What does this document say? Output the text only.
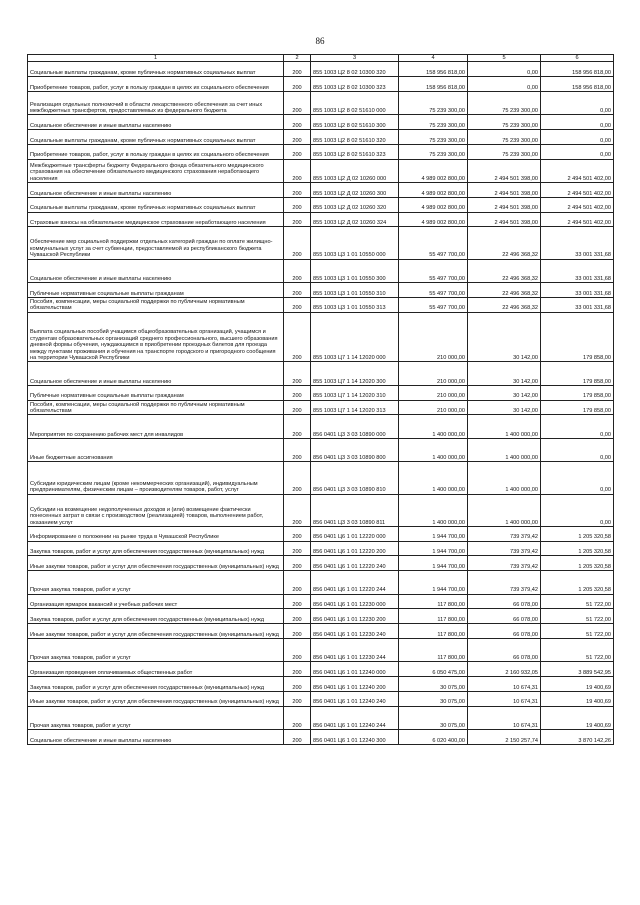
86
1	2	3	4	5	6
Социальные выплаты гражданам, кроме публичных нормативных социальных выплат	200	855 1003 Ц2 8 02 10300 320	158 956 818,00	0,00	158 956 818,00
Приобретение товаров, работ, услуг в пользу граждан в целях их социального обеспечения	200	855 1003 Ц2 8 02 10300 323	158 956 818,00	0,00	158 956 818,00
Реализация отдельных полномочий в области лекарственного обеспечения за счет иных межбюджетных трансфертов, предоставляемых из федерального бюджета	200	855 1003 Ц2 8 02 51610 000	75 239 300,00	75 239 300,00	0,00
Социальное обеспечение и иные выплаты населению	200	855 1003 Ц2 8 02 51610 300	75 239 300,00	75 239 300,00	0,00
Социальные выплаты гражданам, кроме публичных нормативных социальных выплат	200	855 1003 Ц2 8 02 51610 320	75 239 300,00	75 239 300,00	0,00
Приобретение товаров, работ, услуг в пользу граждан в целях их социального обеспечения	200	855 1003 Ц2 8 02 51610 323	75 239 300,00	75 239 300,00	0,00
Межбюджетные трансферты бюджету Федерального фонда обязательного медицинского страхования на обеспечение обязательного медицинского страхования неработающего населения	200	855 1003 Ц2 Д 02 10260 000	4 989 002 800,00	2 494 501 398,00	2 494 501 402,00
Социальное обеспечение и иные выплаты населению	200	855 1003 Ц2 Д 02 10260 300	4 989 002 800,00	2 494 501 398,00	2 494 501 402,00
Социальные выплаты гражданам, кроме публичных нормативных социальных выплат	200	855 1003 Ц2 Д 02 10260 320	4 989 002 800,00	2 494 501 398,00	2 494 501 402,00
Страховые взносы на обязательное медицинское страхование неработающего населения	200	855 1003 Ц2 Д 02 10260 324	4 989 002 800,00	2 494 501 398,00	2 494 501 402,00
Обеспечение мер социальной поддержки отдельных категорий граждан по оплате жилищно-коммунальных услуг за счет субвенции, предоставляемой из республиканского бюджета Чувашской Республики	200	855 1003 Ц3 1 01 10550 000	55 497 700,00	22 496 368,32	33 001 331,68
Социальное обеспечение и иные выплаты населению	200	855 1003 Ц3 1 01 10550 300	55 497 700,00	22 496 368,32	33 001 331,68
Публичные нормативные социальные выплаты гражданам	200	855 1003 Ц3 1 01 10550 310	55 497 700,00	22 496 368,32	33 001 331,68
Пособия, компенсации, меры социальной поддержки по публичным нормативным обязательствам	200	855 1003 Ц3 1 01 10550 313	55 497 700,00	22 496 368,32	33 001 331,68
Выплата социальных пособий учащимся общеобразовательных организаций, учащимся и студентам образовательных организаций среднего профессионального, высшего образования дневной формы обучения, нуждающимся в приобретении проездных билетов для проезда между пунктами проживания и обучения на транспорте городского и пригородного сообщения на территории Чувашской Республики	200	855 1003 Ц7 1 14 12020 000	210 000,00	30 142,00	179 858,00
Социальное обеспечение и иные выплаты населению	200	855 1003 Ц7 1 14 12020 300	210 000,00	30 142,00	179 858,00
Публичные нормативные социальные выплаты гражданам	200	855 1003 Ц7 1 14 12020 310	210 000,00	30 142,00	179 858,00
Пособия, компенсации, меры социальной поддержки по публичным нормативным обязательствам	200	855 1003 Ц7 1 14 12020 313	210 000,00	30 142,00	179 858,00
Мероприятия по сохранению рабочих мест для инвалидов	200	856 0401 Ц3 3 03 10890 000	1 400 000,00	1 400 000,00	0,00
Иные бюджетные ассигнования	200	856 0401 Ц3 3 03 10890 800	1 400 000,00	1 400 000,00	0,00
Субсидии юридическим лицам (кроме некоммерческих организаций), индивидуальным предпринимателям, физическим лицам – производителям товаров, работ, услуг	200	856 0401 Ц3 3 03 10890 810	1 400 000,00	1 400 000,00	0,00
Субсидии на возмещение недополученных доходов и (или) возмещение фактически понесенных затрат в связи с производством (реализацией) товаров, выполнением работ, оказанием услуг	200	856 0401 Ц3 3 03 10890 811	1 400 000,00	1 400 000,00	0,00
Информирование о положении на рынке труда в Чувашской Республике	200	856 0401 Ц6 1 01 12220 000	1 944 700,00	739 379,42	1 205 320,58
Закупка товаров, работ и услуг для обеспечения государственных (муниципальных) нужд	200	856 0401 Ц6 1 01 12220 200	1 944 700,00	739 379,42	1 205 320,58
Иные закупки товаров, работ и услуг для обеспечения государственных (муниципальных) нужд	200	856 0401 Ц6 1 01 12220 240	1 944 700,00	739 379,42	1 205 320,58
Прочая закупка товаров, работ и услуг	200	856 0401 Ц6 1 01 12220 244	1 944 700,00	739 379,42	1 205 320,58
Организация ярмарок вакансий и учебных рабочих мест	200	856 0401 Ц6 1 01 12230 000	117 800,00	66 078,00	51 722,00
Закупка товаров, работ и услуг для обеспечения государственных (муниципальных) нужд	200	856 0401 Ц6 1 01 12230 200	117 800,00	66 078,00	51 722,00
Иные закупки товаров, работ и услуг для обеспечения государственных (муниципальных) нужд	200	856 0401 Ц6 1 01 12230 240	117 800,00	66 078,00	51 722,00
Прочая закупка товаров, работ и услуг	200	856 0401 Ц6 1 01 12230 244	117 800,00	66 078,00	51 722,00
Организация проведения оплачиваемых общественных работ	200	856 0401 Ц6 1 01 12240 000	6 050 475,00	2 160 932,05	3 889 542,95
Закупка товаров, работ и услуг для обеспечения государственных (муниципальных) нужд	200	856 0401 Ц6 1 01 12240 200	30 075,00	10 674,31	19 400,69
Иные закупки товаров, работ и услуг для обеспечения государственных (муниципальных) нужд	200	856 0401 Ц6 1 01 12240 240	30 075,00	10 674,31	19 400,69
Прочая закупка товаров, работ и услуг	200	856 0401 Ц6 1 01 12240 244	30 075,00	10 674,31	19 400,69
Социальное обеспечение и иные выплаты населению	200	856 0401 Ц6 1 01 12240 300	6 020 400,00	2 150 257,74	3 870 142,26
